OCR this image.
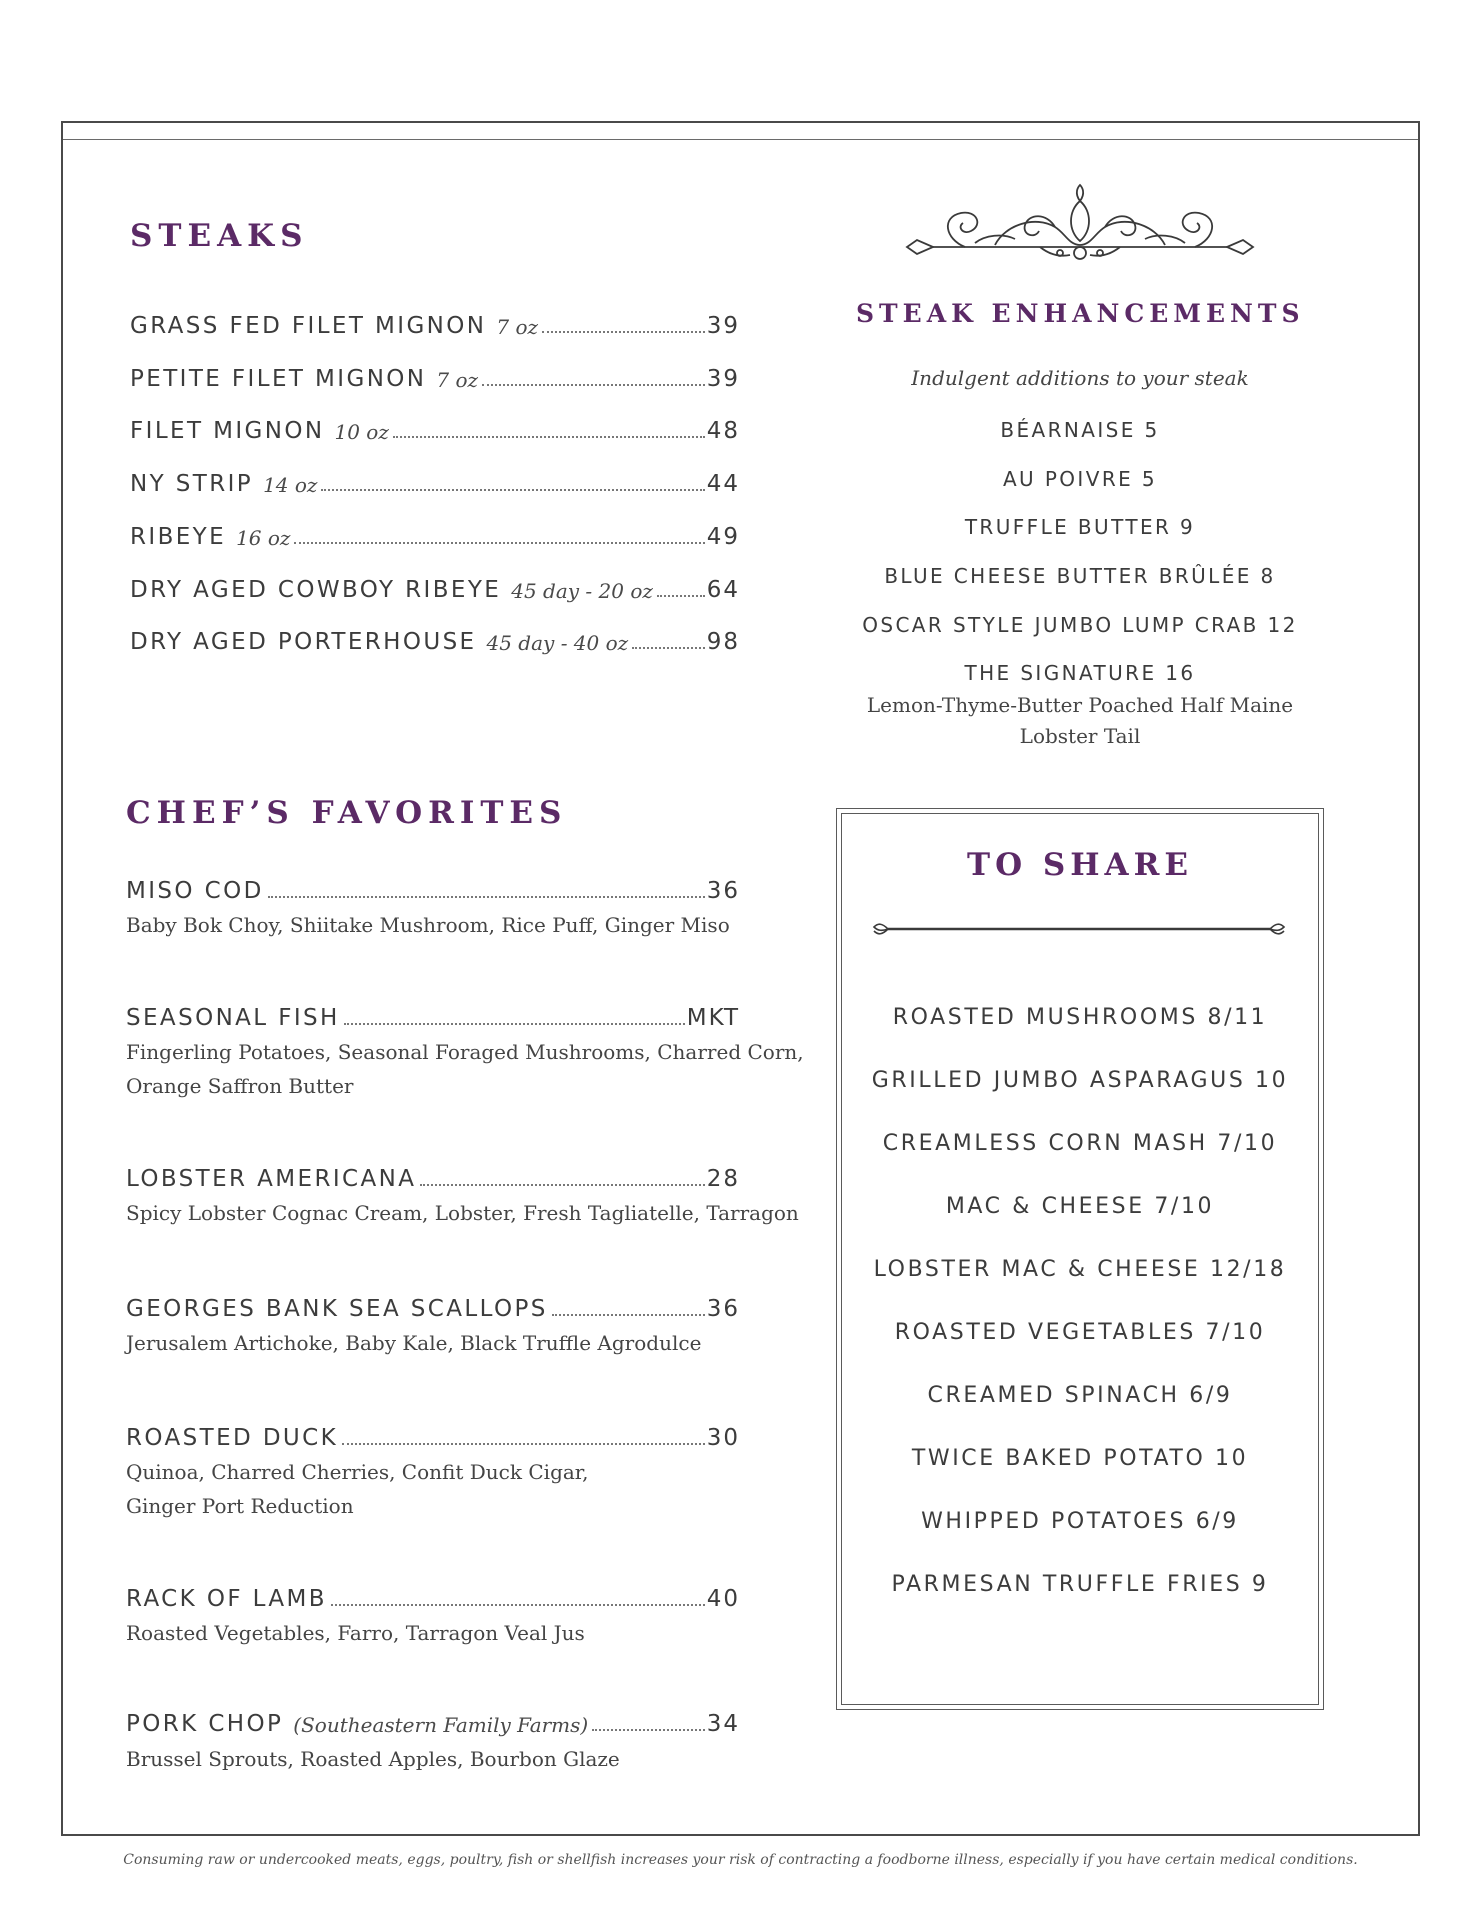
STEAKS
GRASS FED FILET MIGNON 7 oz	39
PETITE FILET MIGNON 7 oz	39
FILET MIGNON 10 oz	48
NY STRIP 14 oz	44
RIBEYE 16 oz	49
DRY AGED COWBOY RIBEYE 45 day - 20 oz 64
DRY AGED PORTERHOUSE 45 day - 40 oz	98
STEAK ENHANCEMENTS
Indulgent additions to your steak
BÉARNAISE 5
AU POIVRE 5
TRUFFLE BUTTER 9
BLUE CHEESE BUTTER BRÛLÉE 8
OSCAR STYLE JUMBO LUMP CRAB 12
THE SIGNATURE 16
Lemon-Thyme-Butter Poached Half Maine
Lobster Tail
CHEF’S FAVORITES
MISO COD	36
Baby Bok Choy, Shiitake Mushroom, Rice Puff, Ginger Miso
SEASONAL FISH	MKT
Fingerling Potatoes, Seasonal Foraged Mushrooms, Charred Corn,
Orange Saffron Butter
LOBSTER AMERICANA	28
Spicy Lobster Cognac Cream, Lobster, Fresh Tagliatelle, Tarragon
GEORGES BANK SEA SCALLOPS	36
Jerusalem Artichoke, Baby Kale, Black Truffle Agrodulce
ROASTED DUCK	30
Quinoa, Charred Cherries, Confit Duck Cigar,
Ginger Port Reduction
RACK OF LAMB	40
Roasted Vegetables, Farro, Tarragon Veal Jus
PORK CHOP (Southeastern Family Farms)	34
Brussel Sprouts, Roasted Apples, Bourbon Glaze
TO SHARE
ROASTED MUSHROOMS 8/11
GRILLED JUMBO ASPARAGUS 10
CREAMLESS CORN MASH 7/10
MAC & CHEESE 7/10
LOBSTER MAC & CHEESE 12/18
ROASTED VEGETABLES 7/10
CREAMED SPINACH 6/9
TWICE BAKED POTATO 10
WHIPPED POTATOES 6/9
PARMESAN TRUFFLE FRIES 9
Consuming raw or undercooked meats, eggs, poultry, fish or shellfish increases your risk of contracting a foodborne illness, especially if you have certain medical conditions.
